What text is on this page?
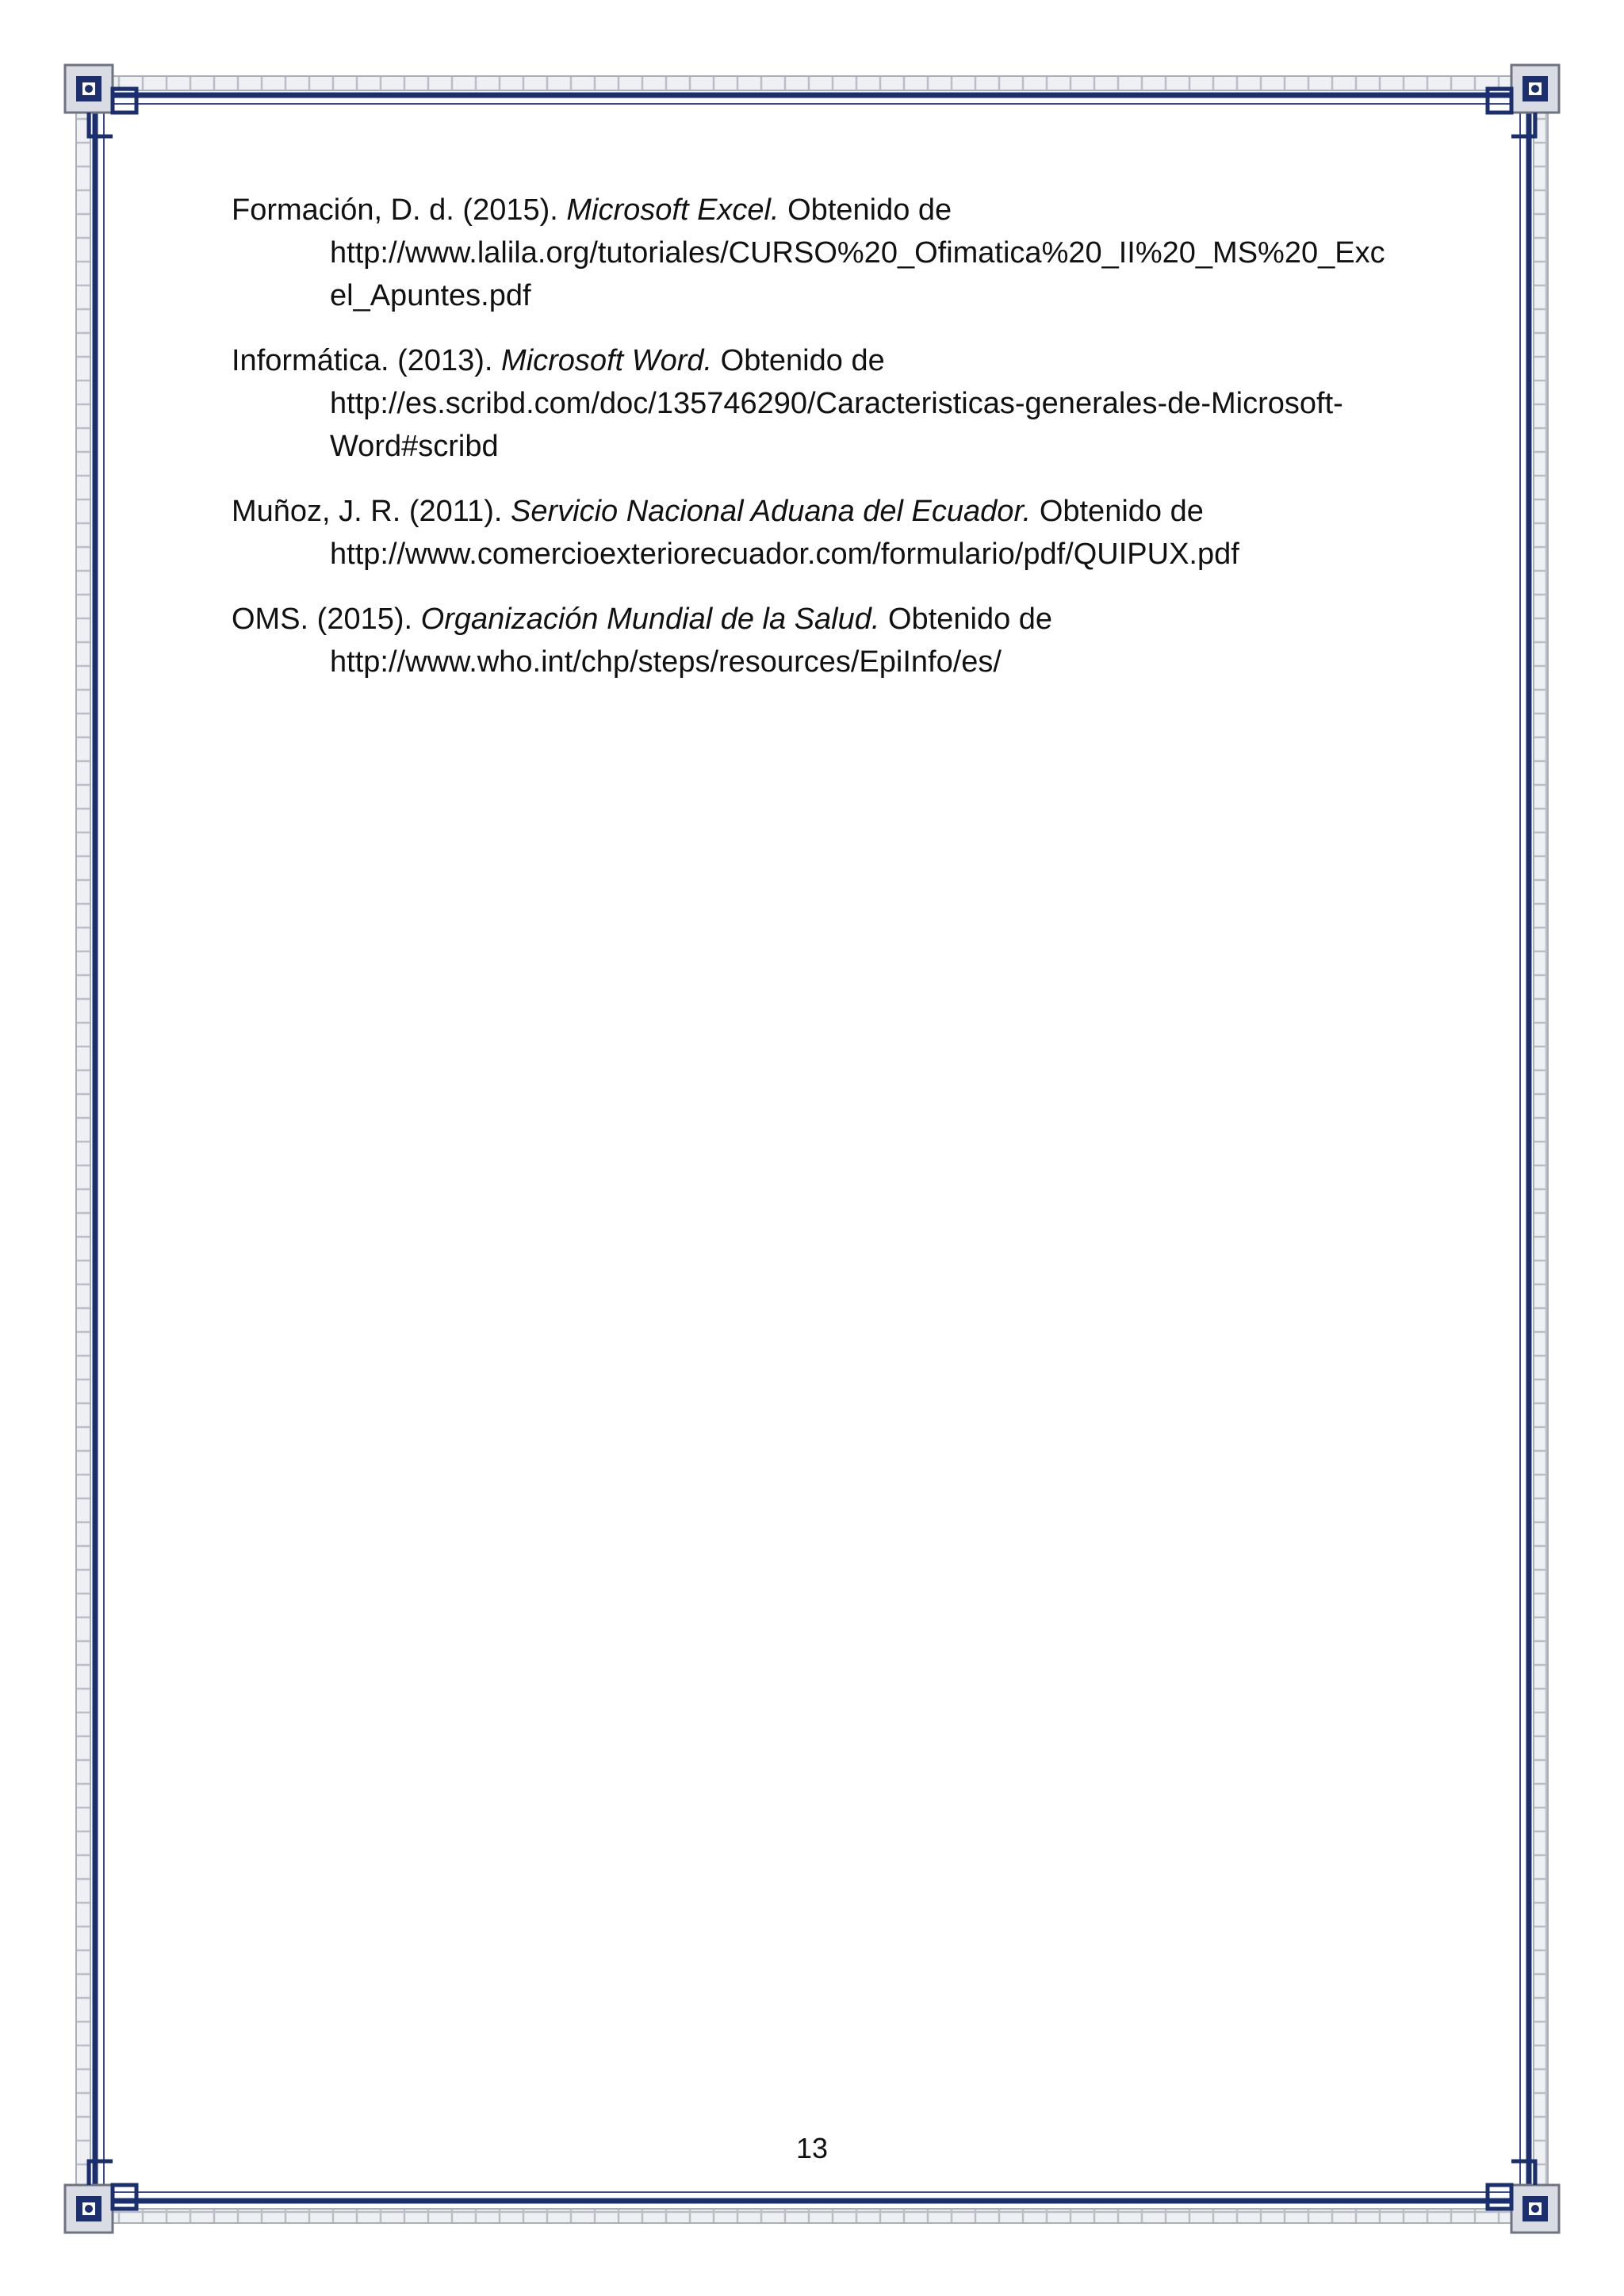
Formación, D. d. (2015). Microsoft Excel. Obtenido de
http://www.lalila.org/tutoriales/CURSO%20_Ofimatica%20_II%20_MS%20_Exc
el_Apuntes.pdf
Informática. (2013). Microsoft Word. Obtenido de
http://es.scribd.com/doc/135746290/Caracteristicas-generales-de-Microsoft-
Word#scribd
Muñoz, J. R. (2011). Servicio Nacional Aduana del Ecuador. Obtenido de
http://www.comercioexteriorecuador.com/formulario/pdf/QUIPUX.pdf
OMS. (2015). Organización Mundial de la Salud. Obtenido de
http://www.who.int/chp/steps/resources/EpiInfo/es/
13
